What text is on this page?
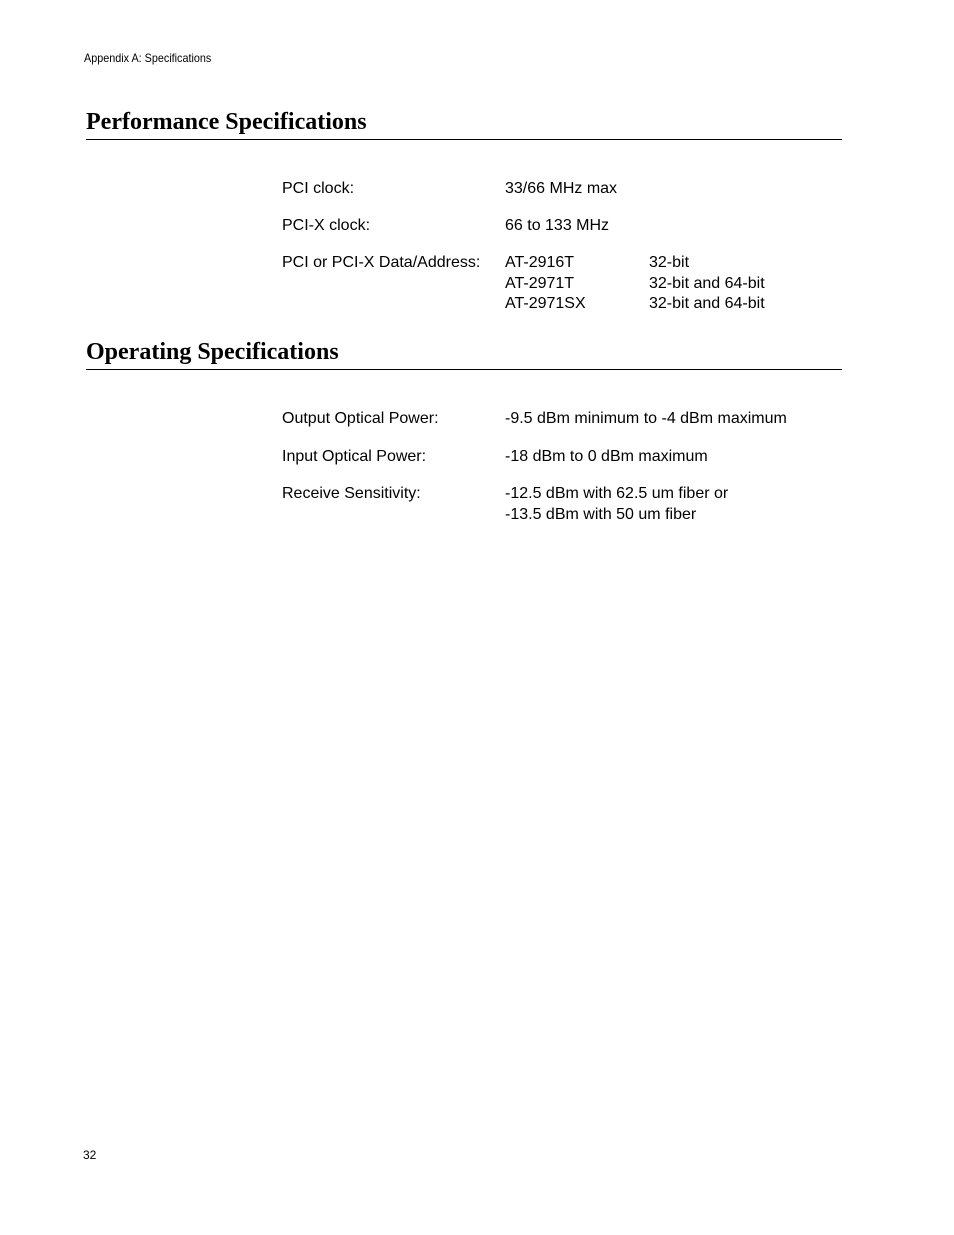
Appendix A: Specifications
Performance Specifications
PCI clock:	33/66 MHz max
PCI-X clock:	66 to 133 MHz
PCI or PCI-X Data/Address:	AT-2916T	32-bit
AT-2971T	32-bit and 64-bit
AT-2971SX	32-bit and 64-bit
Operating Specifications
Output Optical Power:	-9.5 dBm minimum to -4 dBm maximum
Input Optical Power:	-18 dBm to 0 dBm maximum
Receive Sensitivity:	-12.5 dBm with 62.5 um fiber or
-13.5 dBm with 50 um fiber
32
